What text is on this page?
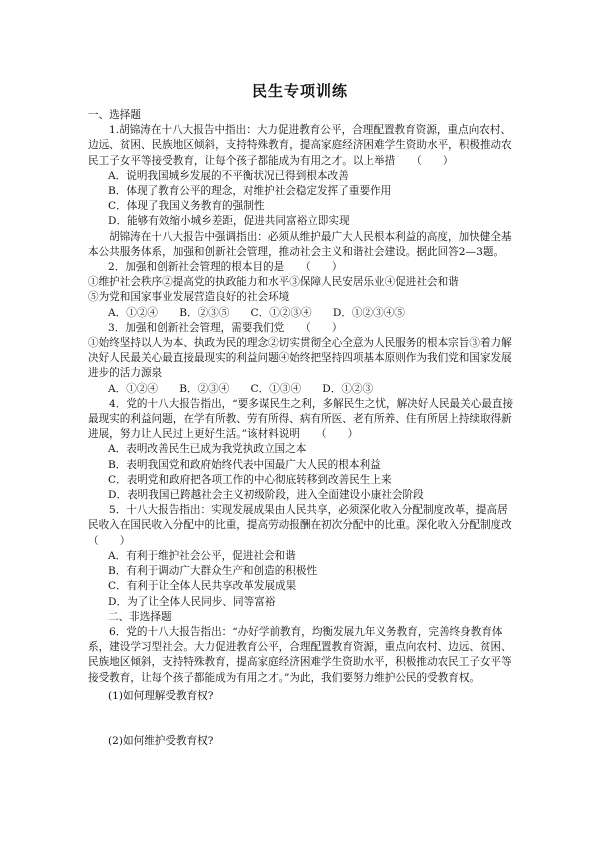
民生专项训练

一、选择题

1.胡锦涛在十八大报告中指出：大力促进教育公平，合理配置教育资源，重点向农村、边远、贫困、民族地区倾斜，支持特殊教育，提高家庭经济困难学生资助水平，积极推动农民工子女平等接受教育，让每个孩子都能成为有用之才。以上举措　　（　　）

A．说明我国城乡发展的不平衡状况已得到根本改善

B．体现了教育公平的理念，对维护社会稳定发挥了重要作用

C．体现了我国义务教育的强制性

D．能够有效缩小城乡差距，促进共同富裕立即实现

胡锦涛在十八大报告中强调指出：必须从维护最广大人民根本利益的高度，加快健全基本公共服务体系，加强和创新社会管理，推动社会主义和谐社会建设。据此回答2—3题。

2．加强和创新社会管理的根本目的是　　（　　）

①维护社会秩序②提高党的执政能力和水平③保障人民安居乐业④促进社会和谐

⑤为党和国家事业发展营造良好的社会环境

A．①②④　　B．②③⑤　　C．①②③④　　D．①②③④⑤

3．加强和创新社会管理，需要我们党　　（　　）

①始终坚持以人为本、执政为民的理念②切实贯彻全心全意为人民服务的根本宗旨③着力解决好人民最关心最直接最现实的利益问题④始终把坚持四项基本原则作为我们党和国家发展进步的活力源泉

A．①②④　　B．②③④　　C．①③④　　D．①②③

4．党的十八大报告指出，“要多谋民生之利，多解民生之忧，解决好人民最关心最直接最现实的利益问题，在学有所教、劳有所得、病有所医、老有所养、住有所居上持续取得新进展，努力让人民过上更好生活。”该材料说明　　（　　）

A．表明改善民生已成为我党执政立国之本

B．表明我国党和政府始终代表中国最广大人民的根本利益

C．表明党和政府把各项工作的中心彻底转移到改善民生上来

D．表明我国已跨越社会主义初级阶段，进入全面建设小康社会阶段

5．十八大报告指出：实现发展成果由人民共享，必须深化收入分配制度改革，提高居民收入在国民收入分配中的比重，提高劳动报酬在初次分配中的比重。深化收入分配制度改（　　）

A．有利于维护社会公平，促进社会和谐

B．有利于调动广大群众生产和创造的积极性

C．有利于让全体人民共享改革发展成果

D．为了让全体人民同步、同等富裕

二、非选择题

6．党的十八大报告指出：“办好学前教育，均衡发展九年义务教育，完善终身教育体系，建设学习型社会。大力促进教育公平，合理配置教育资源，重点向农村、边远、贫困、民族地区倾斜，支持特殊教育，提高家庭经济困难学生资助水平，积极推动农民工子女平等接受教育，让每个孩子都能成为有用之才。”为此，我们要努力维护公民的受教育权。

(1)如何理解受教育权?

(2)如何维护受教育权?
